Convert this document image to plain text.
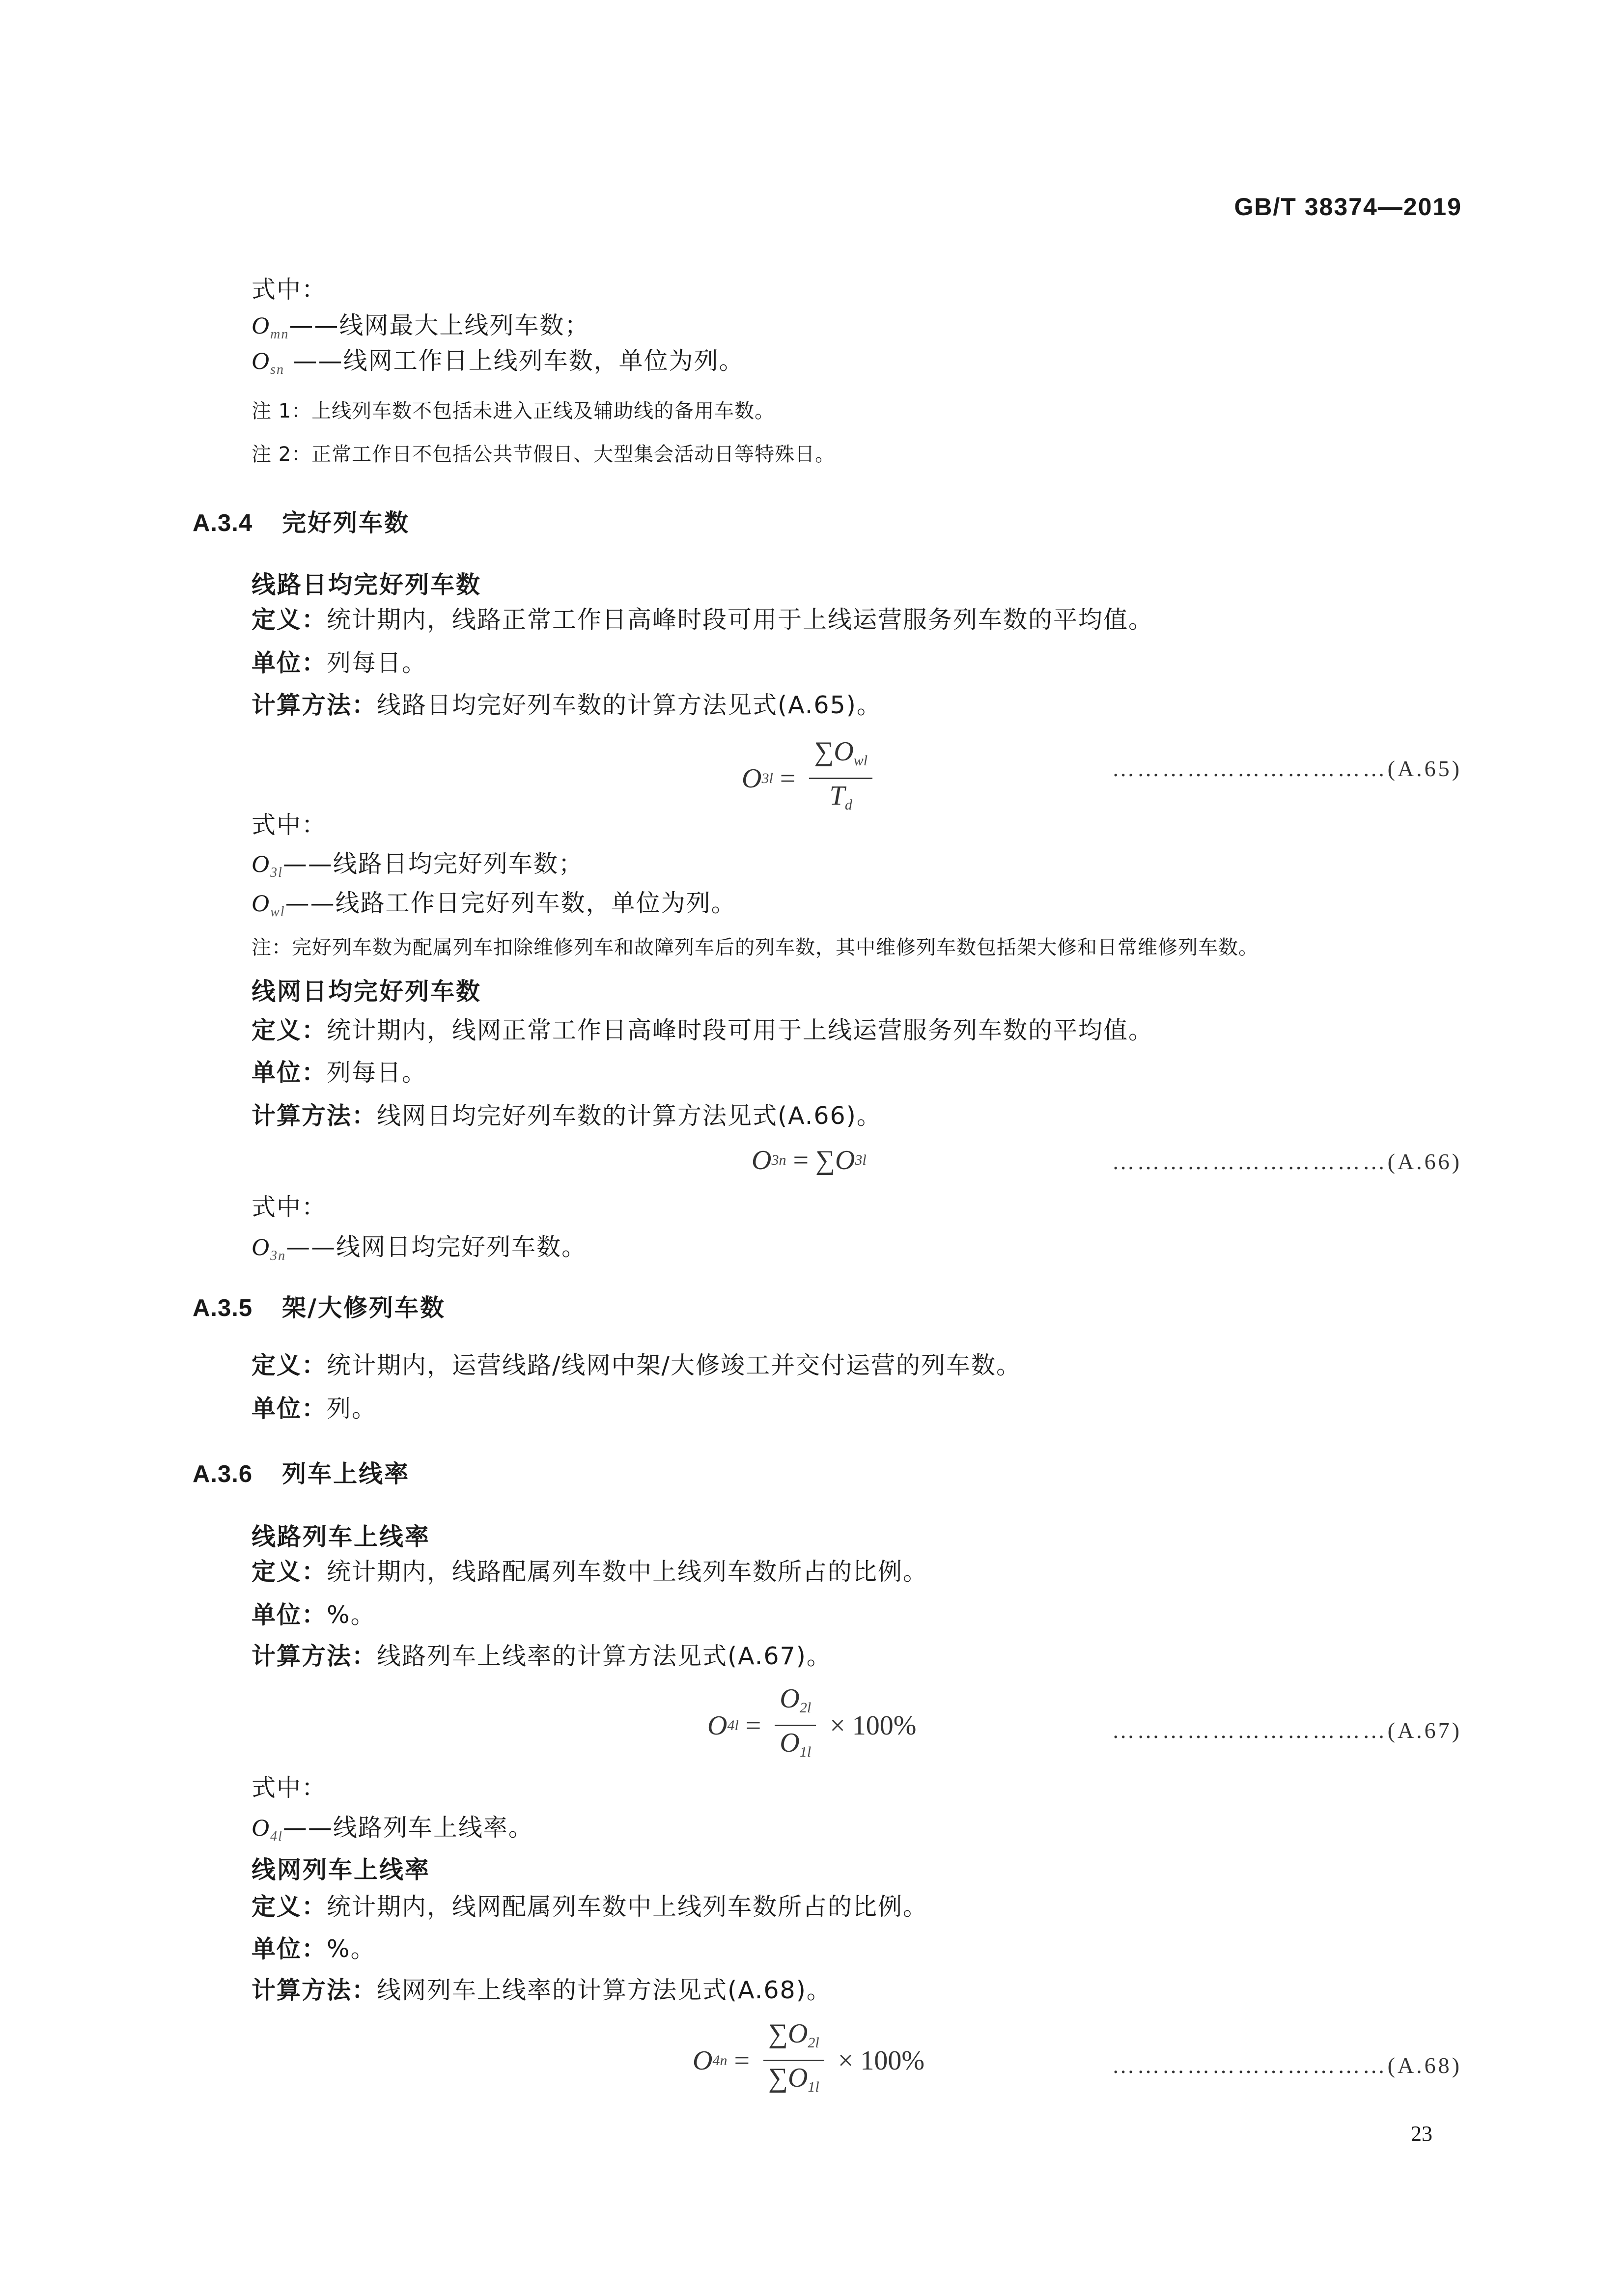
GB/T 38374—2019
式中：
$O_{mn}——$线网最大上线列车数；
$O_{sn}$ ——线网工作日上线列车数，单位为列。
注 1：上线列车数不包括未进入正线及辅助线的备用车数。
注 2：正常工作日不包括公共节假日、大型集会活动日等特殊日。
A.3.4 完好列车数
线路日均完好列车数
定义：统计期内，线路正常工作日高峰时段可用于上线运营服务列车数的平均值。
单位：列每日。
计算方法：线路日均完好列车数的计算方法见式(A.65)。
O $3l = \frac{\text{∑Owl}}{Td}$	……………………………(A.65)
式中：
$O_{3l}——$线路日均完好列车数；
$O_{wl}——$线路工作日完好列车数，单位为列。
注：完好列车数为配属列车扣除维修列车和故障列车后的列车数，其中维修列车数包括架大修和日常维修列车数。
线网日均完好列车数
定义：统计期内，线网正常工作日高峰时段可用于上线运营服务列车数的平均值。
单位：列每日。
计算方法：线网日均完好列车数的计算方法见式(A.66)。
O 3n = ∑ O 3l	……………………………(A.66)
式中：
$O_{3n}——$线网日均完好列车数。
A.3.5 架/大修列车数
定义：统计期内，运营线路/线网中架/大修竣工并交付运营的列车数。
单位：列。
A.3.6 列车上线率
线路列车上线率
定义：统计期内，线路配属列车数中上线列车数所占的比例。
单位：%。
计算方法：线路列车上线率的计算方法见式(A.67)。
O $4l = \frac{O2l}{O1l} \times 100\%$	……………………………(A.67)
式中：
$O_{4l}——$线路列车上线率。
线网列车上线率
定义：统计期内，线网配属列车数中上线列车数所占的比例。
单位：%。
计算方法：线网列车上线率的计算方法见式(A.68)。
O $4n = \frac{\sum O2l}{\sum O1l} \times 100\%$	……………………………(A.68)
23
